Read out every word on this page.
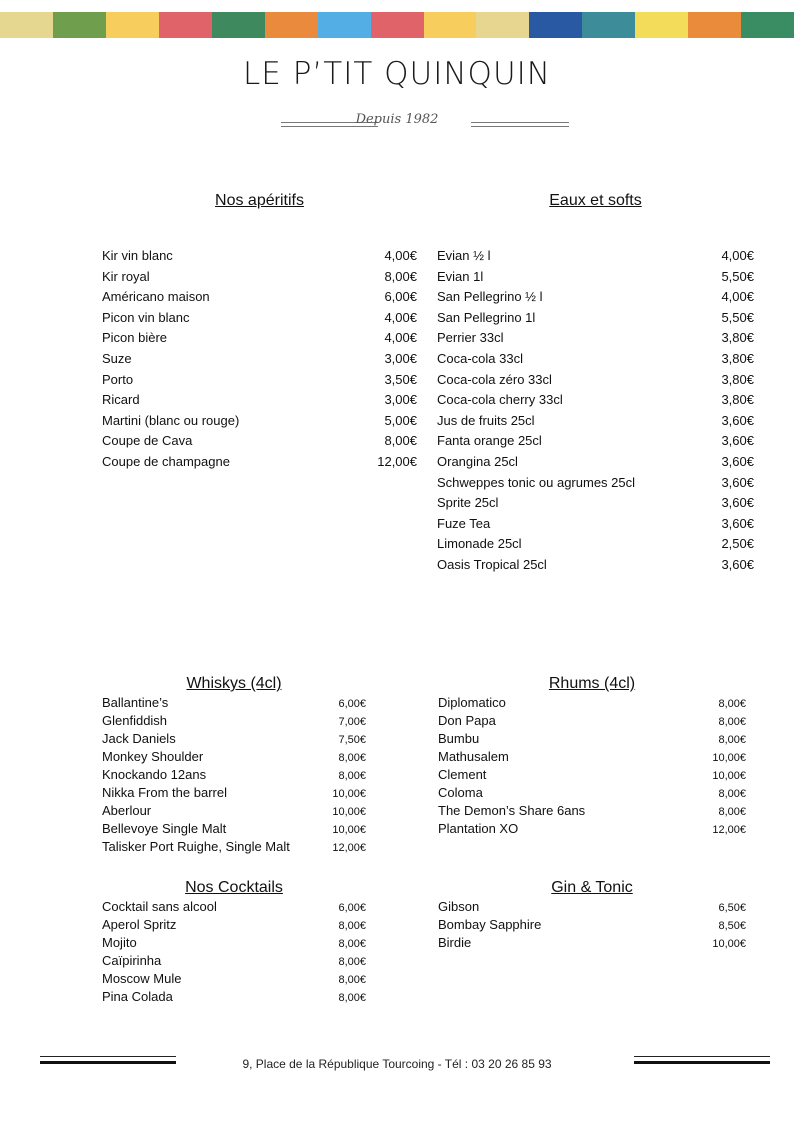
LE P’TIT QUINQUIN
Depuis 1982
Nos apéritifs
Kir vin blanc	4,00€
Kir royal	8,00€
Américano maison	6,00€
Picon vin blanc	4,00€
Picon bière	4,00€
Suze	3,00€
Porto	3,50€
Ricard	3,00€
Martini (blanc ou rouge)	5,00€
Coupe de Cava	8,00€
Coupe de champagne	12,00€
Eaux et softs
Evian ½ l	4,00€
Evian 1l	5,50€
San Pellegrino ½ l	4,00€
San Pellegrino 1l	5,50€
Perrier 33cl	3,80€
Coca-cola 33cl	3,80€
Coca-cola zéro 33cl	3,80€
Coca-cola cherry 33cl	3,80€
Jus de fruits 25cl	3,60€
Fanta orange 25cl	3,60€
Orangina 25cl	3,60€
Schweppes tonic ou agrumes 25cl	3,60€
Sprite 25cl	3,60€
Fuze Tea	3,60€
Limonade 25cl	2,50€
Oasis Tropical 25cl	3,60€
Whiskys (4cl)
Ballantine’s	6,00€
Glenfiddish	7,00€
Jack Daniels	7,50€
Monkey Shoulder	8,00€
Knockando 12ans	8,00€
Nikka From the barrel	10,00€
Aberlour	10,00€
Bellevoye Single Malt	10,00€
Talisker Port Ruighe, Single Malt	12,00€
Rhums (4cl)
Diplomatico	8,00€
Don Papa	8,00€
Bumbu	8,00€
Mathusalem	10,00€
Clement	10,00€
Coloma	8,00€
The Demon’s Share 6ans	8,00€
Plantation XO	12,00€
Nos Cocktails
Cocktail sans alcool	6,00€
Aperol Spritz	8,00€
Mojito	8,00€
Caïpirinha	8,00€
Moscow Mule	8,00€
Pina Colada	8,00€
Gin & Tonic
Gibson	6,50€
Bombay Sapphire	8,50€
Birdie	10,00€
9, Place de la République Tourcoing - Tél : 03 20 26 85 93
